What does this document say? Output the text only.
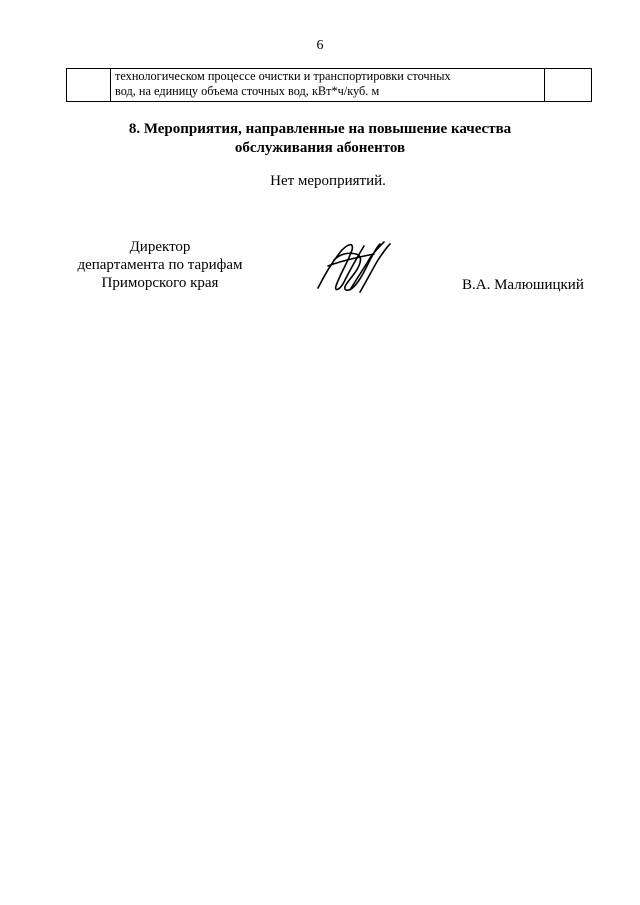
6
технологическом процессе очистки и транспортировки сточных
вод, на единицу объема сточных вод, кВт*ч/куб. м
8. Мероприятия, направленные на повышение качества
обслуживания абонентов
Нет мероприятий.
Директор
департамента по тарифам
Приморского края	В.А. Малюшицкий
